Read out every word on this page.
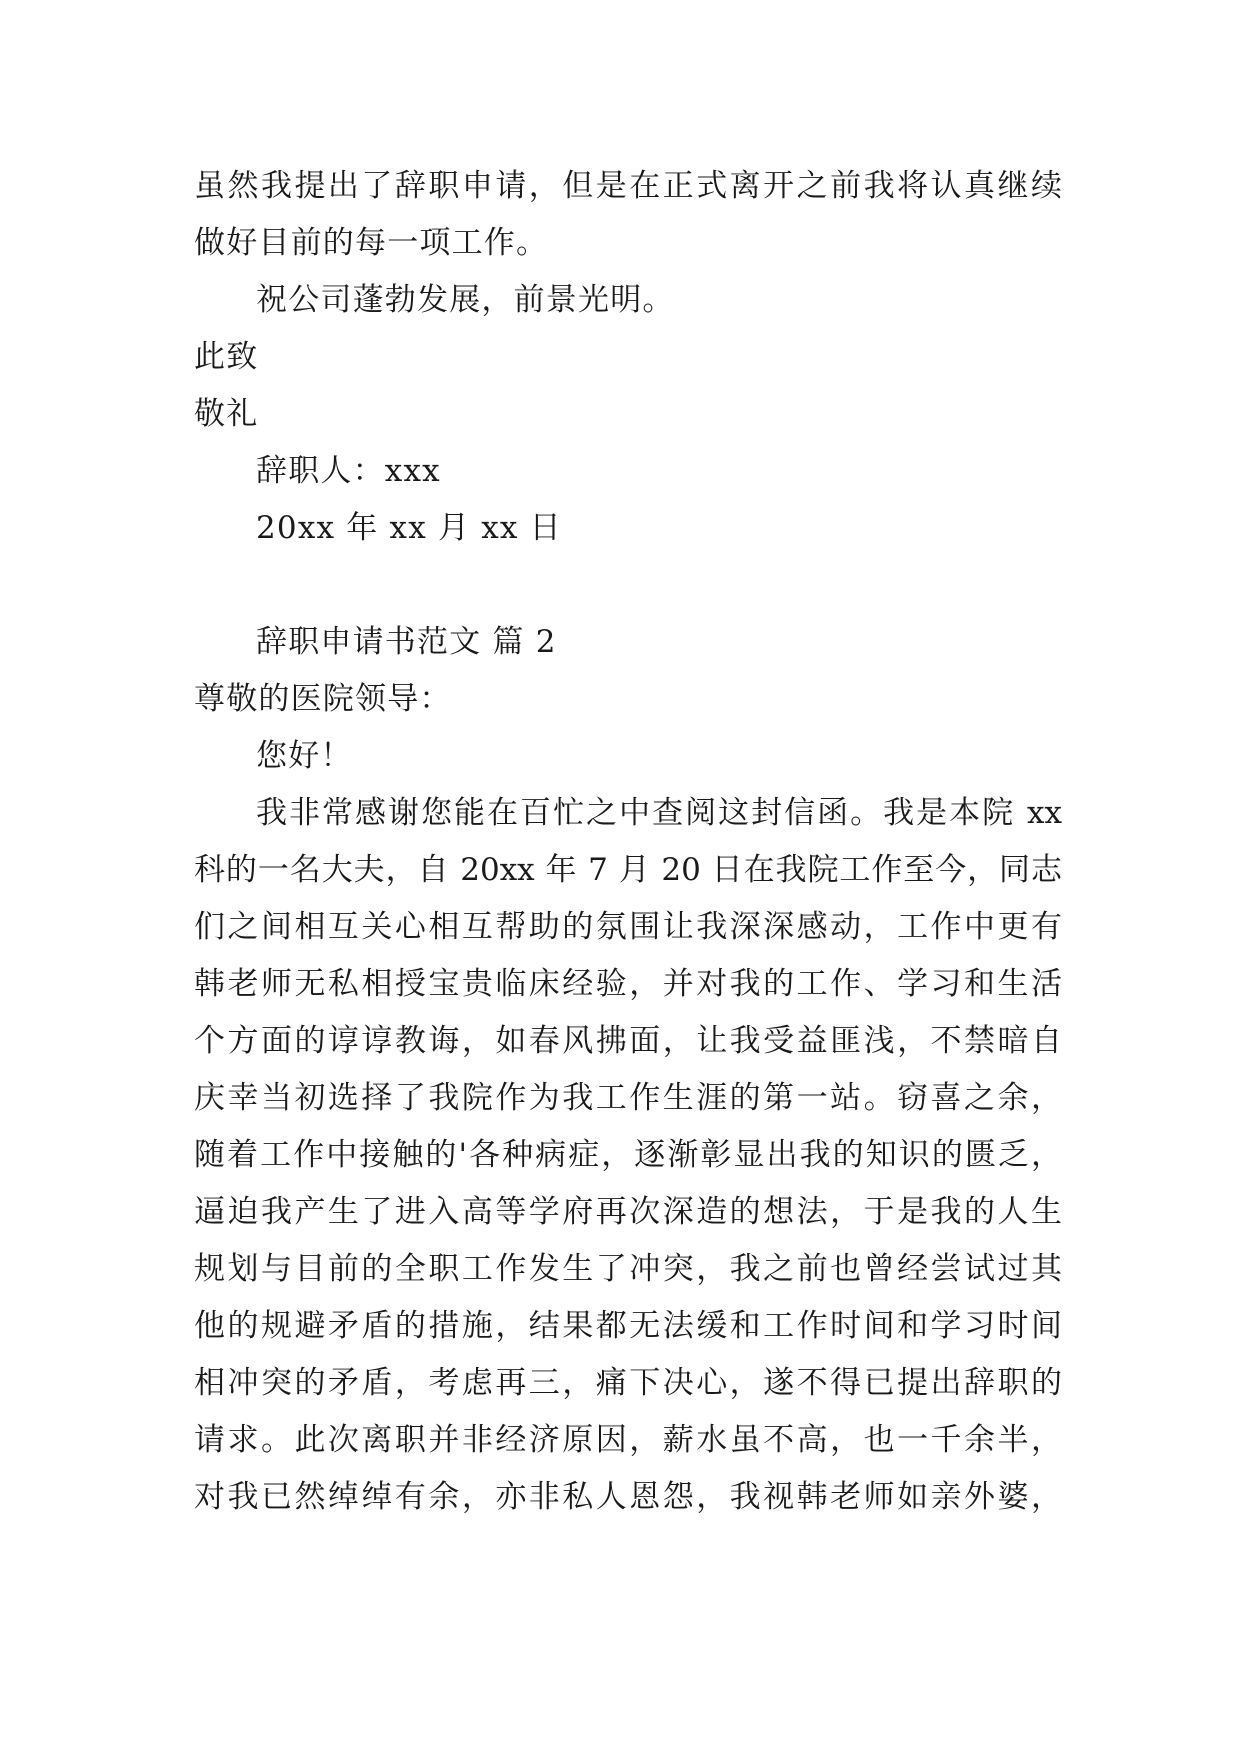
虽然我提出了辞职申请，但是在正式离开之前我将认真继续
做好目前的每一项工作。
祝公司蓬勃发展，前景光明。
此致
敬礼
辞职人：xxx
20xx 年 xx 月 xx 日
辞职申请书范文 篇 2
尊敬的医院领导：
您好！
我非常感谢您能在百忙之中查阅这封信函。我是本院 xx
科的一名大夫，自 20xx 年 7 月 20 日在我院工作至今，同志
们之间相互关心相互帮助的氛围让我深深感动，工作中更有
韩老师无私相授宝贵临床经验，并对我的工作、学习和生活
个方面的谆谆教诲，如春风拂面，让我受益匪浅，不禁暗自
庆幸当初选择了我院作为我工作生涯的第一站。窃喜之余，
随着工作中接触的'各种病症，逐渐彰显出我的知识的匮乏，
逼迫我产生了进入高等学府再次深造的想法，于是我的人生
规划与目前的全职工作发生了冲突，我之前也曾经尝试过其
他的规避矛盾的措施，结果都无法缓和工作时间和学习时间
相冲突的矛盾，考虑再三，痛下决心，遂不得已提出辞职的
请求。此次离职并非经济原因，薪水虽不高，也一千余半，
对我已然绰绰有余，亦非私人恩怨，我视韩老师如亲外婆，
